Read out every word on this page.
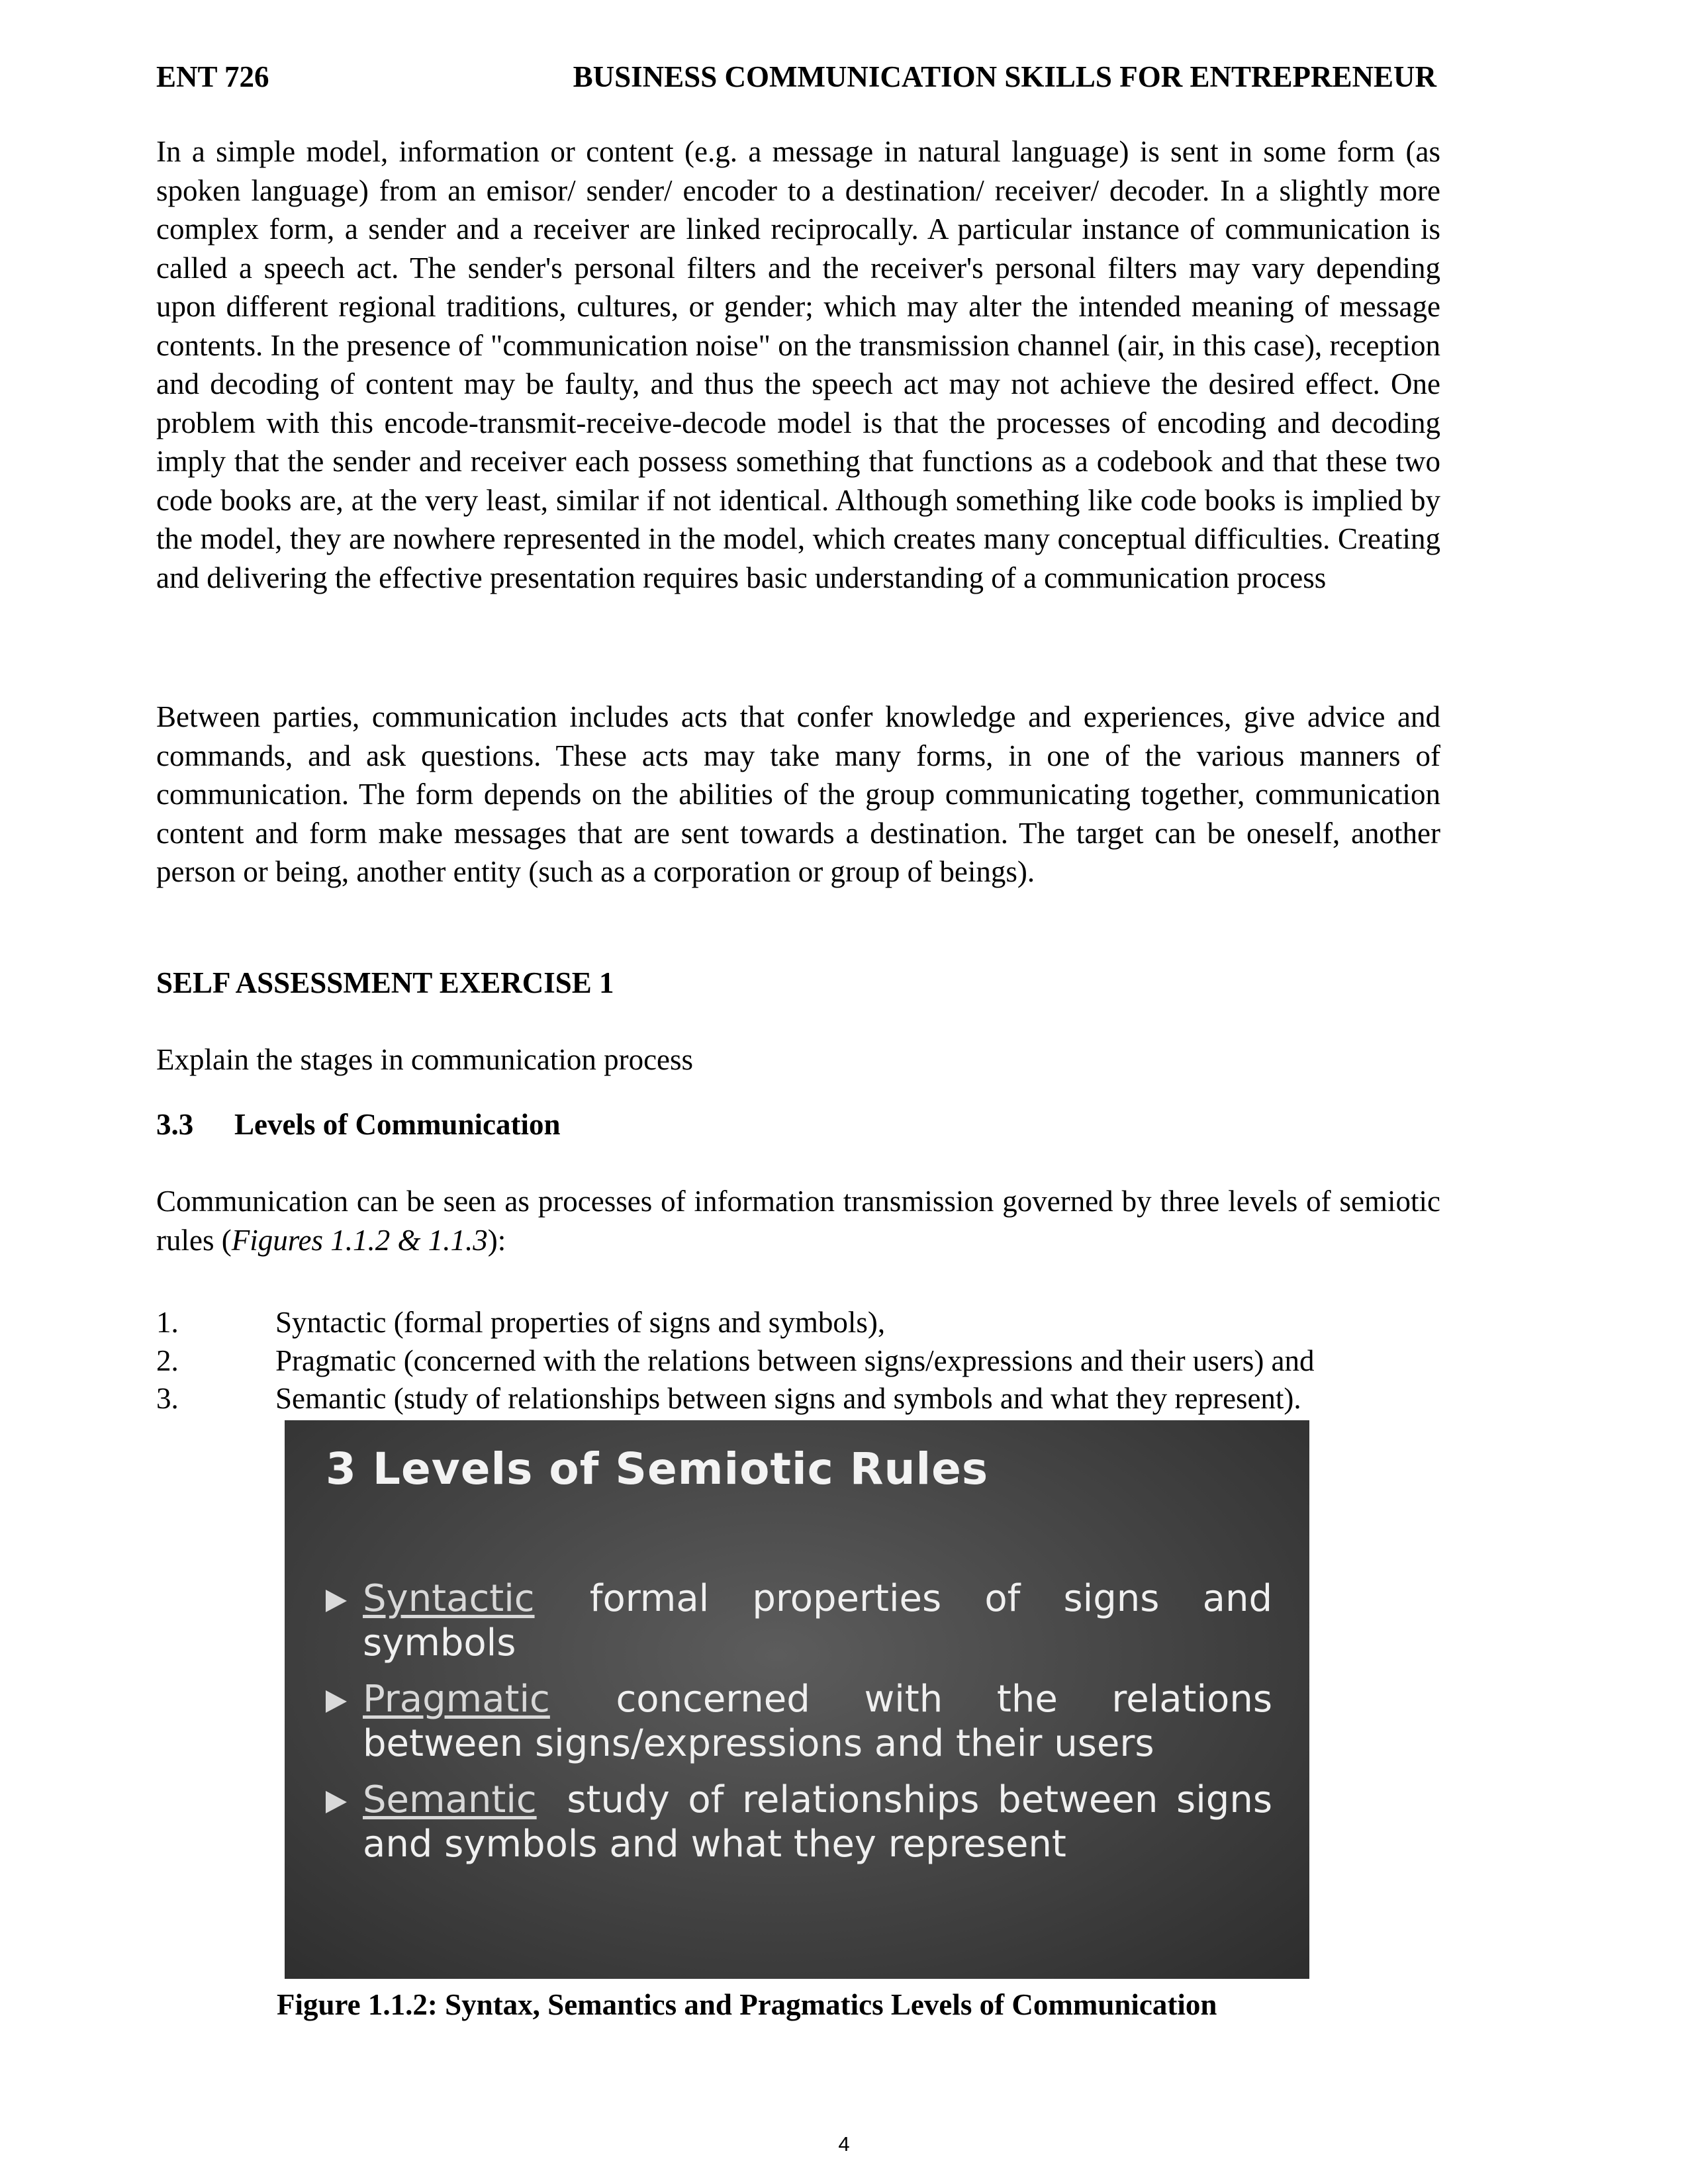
ENT 726	BUSINESS COMMUNICATION SKILLS FOR ENTREPRENEUR

In a simple model, information or content (e.g. a message in natural language) is sent in some form (as spoken language) from an emisor/ sender/ encoder to a destination/ receiver/ decoder. In a slightly more complex form, a sender and a receiver are linked reciprocally. A particular instance of communication is called a speech act. The sender's personal filters and the receiver's personal filters may vary depending upon different regional traditions, cultures, or gender; which may alter the intended meaning of message contents. In the presence of "communication noise" on the transmission channel (air, in this case), reception and decoding of content may be faulty, and thus the speech act may not achieve the desired effect. One problem with this encode-transmit-receive-decode model is that the processes of encoding and decoding imply that the sender and receiver each possess something that functions as a codebook and that these two code books are, at the very least, similar if not identical. Although something like code books is implied by the model, they are nowhere represented in the model, which creates many conceptual difficulties. Creating and delivering the effective presentation requires basic understanding of a communication process

Between parties, communication includes acts that confer knowledge and experiences, give advice and commands, and ask questions. These acts may take many forms, in one of the various manners of communication. The form depends on the abilities of the group communicating together, communication content and form make messages that are sent towards a destination. The target can be oneself, another person or being, another entity (such as a corporation or group of beings).

SELF ASSESSMENT EXERCISE 1

Explain the stages in communication process

3.3 Levels of Communication

Communication can be seen as processes of information transmission governed by three levels of semiotic rules (Figures 1.1.2 & 1.1.3):

1.	Syntactic (formal properties of signs and symbols),
2.	Pragmatic (concerned with the relations between signs/expressions and their users) and
3.	Semantic (study of relationships between signs and symbols and what they represent).
3 Levels of Semiotic Rules
Syntactic formal properties of signs and symbols
Pragmatic concerned with the relations between signs/expressions and their users
Semantic study of relationships between signs and symbols and what they represent

Figure 1.1.2: Syntax, Semantics and Pragmatics Levels of Communication

4
